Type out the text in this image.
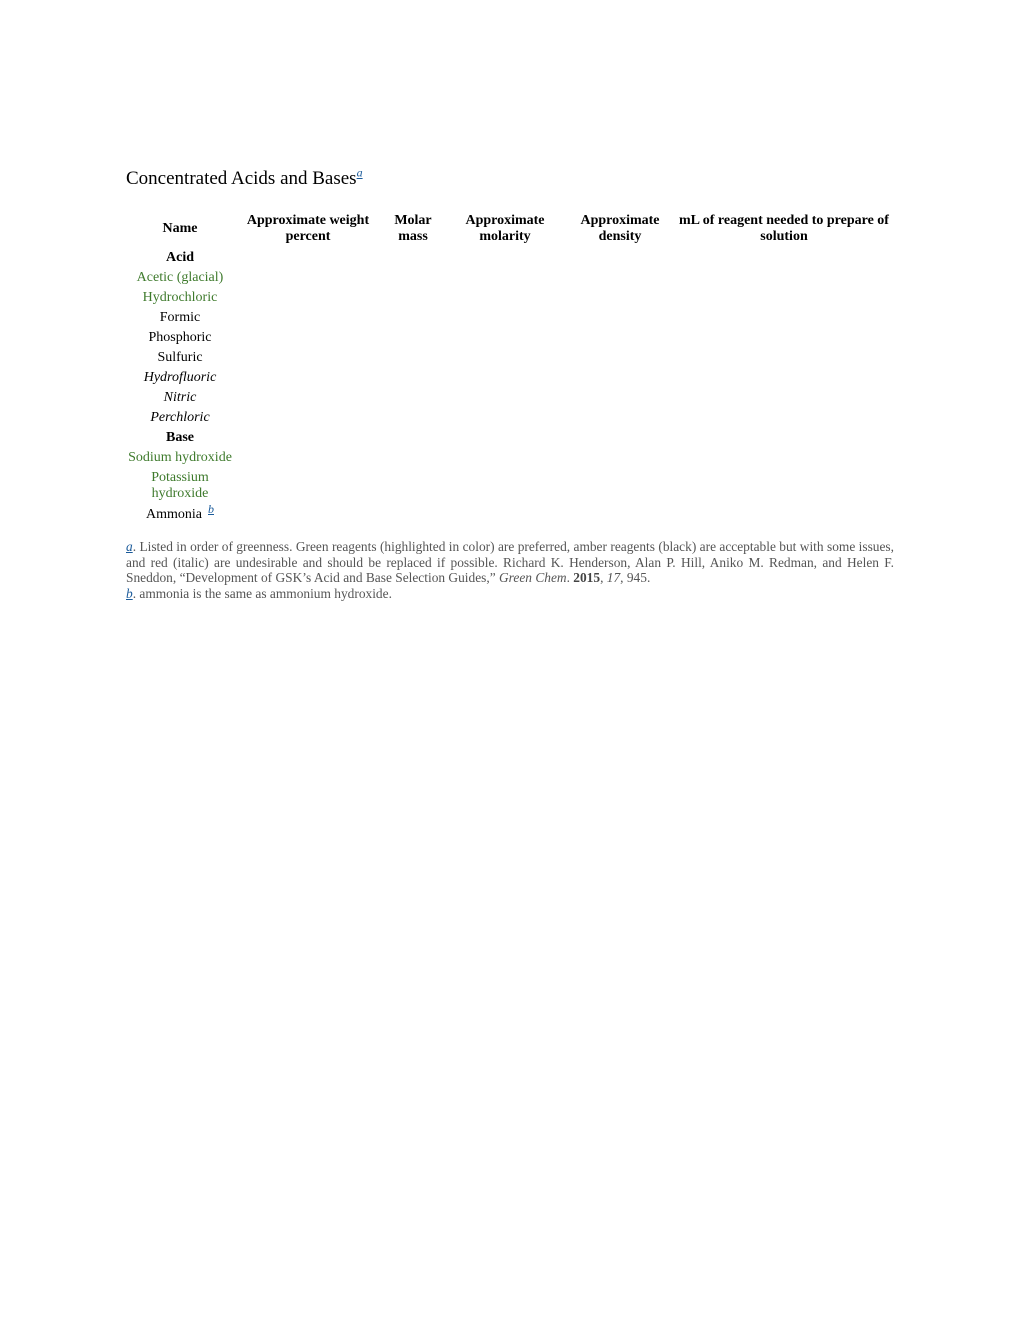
Concentrated Acids and Bases$^a$
Name	Approximate weight percent	Molar mass	Approximate molarity	Approximate density	mL of reagent needed to prepare of solution
Acid					
Acetic (glacial)					
Hydrochloric					
Formic					
Phosphoric					
Sulfuric					
Hydrofluoric					
Nitric					
Perchloric					
Base					
Sodium hydroxide					
Potassium hydroxide					
Ammonia b					

a. Listed in order of greenness. Green reagents (highlighted in color) are preferred, amber reagents (black) are acceptable but with some issues, and red (italic) are undesirable and should be replaced if possible. Richard K. Henderson, Alan P. Hill, Aniko M. Redman, and Helen F. Sneddon, “Development of GSK’s Acid and Base Selection Guides,” Green Chem. 2015, 17, 945.

b. ammonia is the same as ammonium hydroxide.
